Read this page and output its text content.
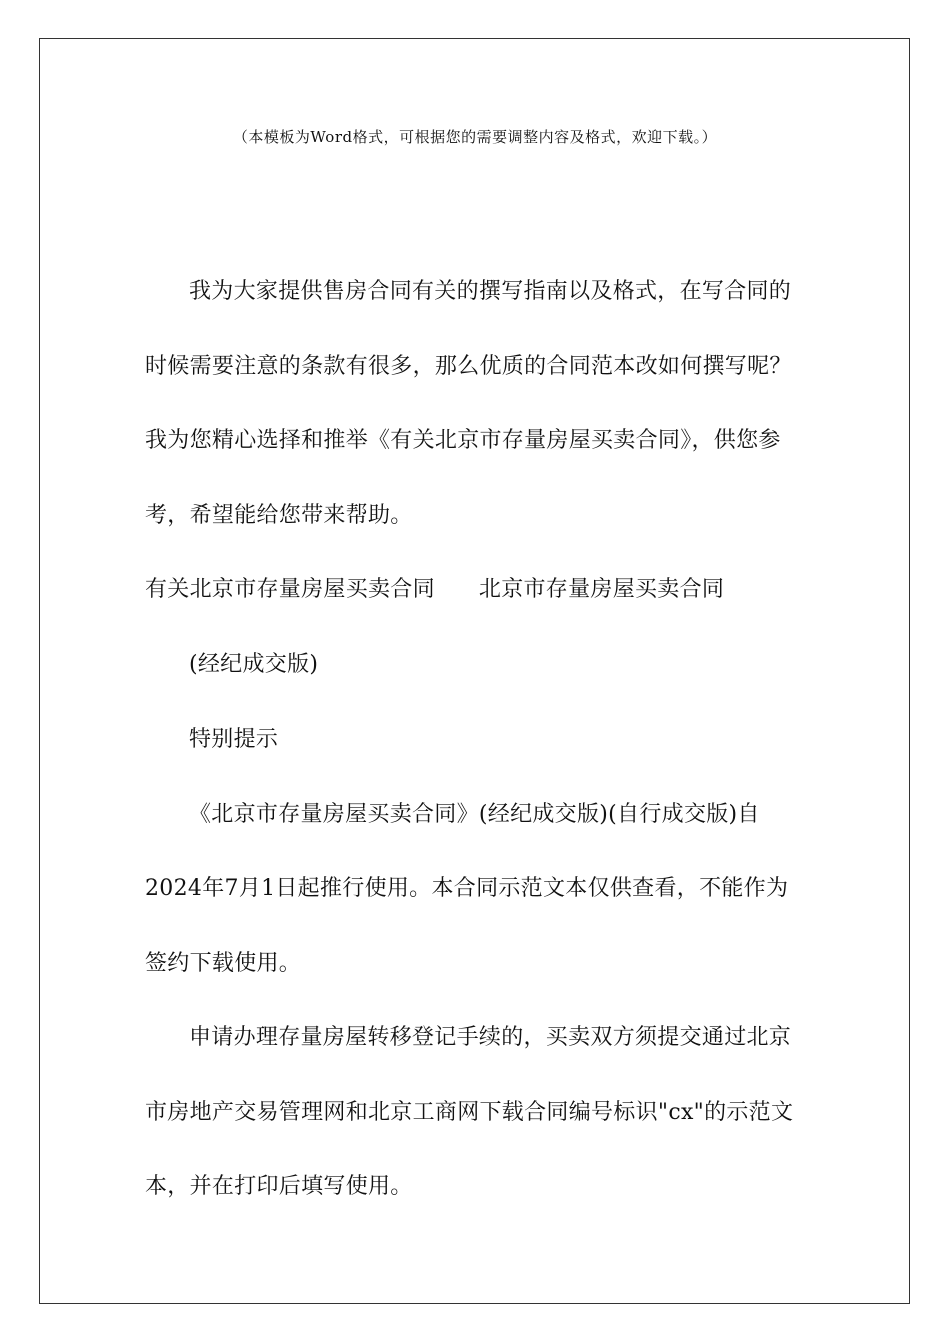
（本模板为Word格式，可根据您的需要调整内容及格式，欢迎下载。）
我为大家提供售房合同有关的撰写指南以及格式，在写合同的
时候需要注意的条款有很多，那么优质的合同范本改如何撰写呢？
我为您精心选择和推举《有关北京市存量房屋买卖合同》，供您参
考，希望能给您带来帮助。
有关北京市存量房屋买卖合同 北京市存量房屋买卖合同
(经纪成交版)
特别提示
《北京市存量房屋买卖合同》(经纪成交版)(自行成交版)自
2024年7月1日起推行使用。本合同示范文本仅供查看，不能作为
签约下载使用。
申请办理存量房屋转移登记手续的，买卖双方须提交通过北京
市房地产交易管理网和北京工商网下载合同编号标识"cx"的示范文
本，并在打印后填写使用。
